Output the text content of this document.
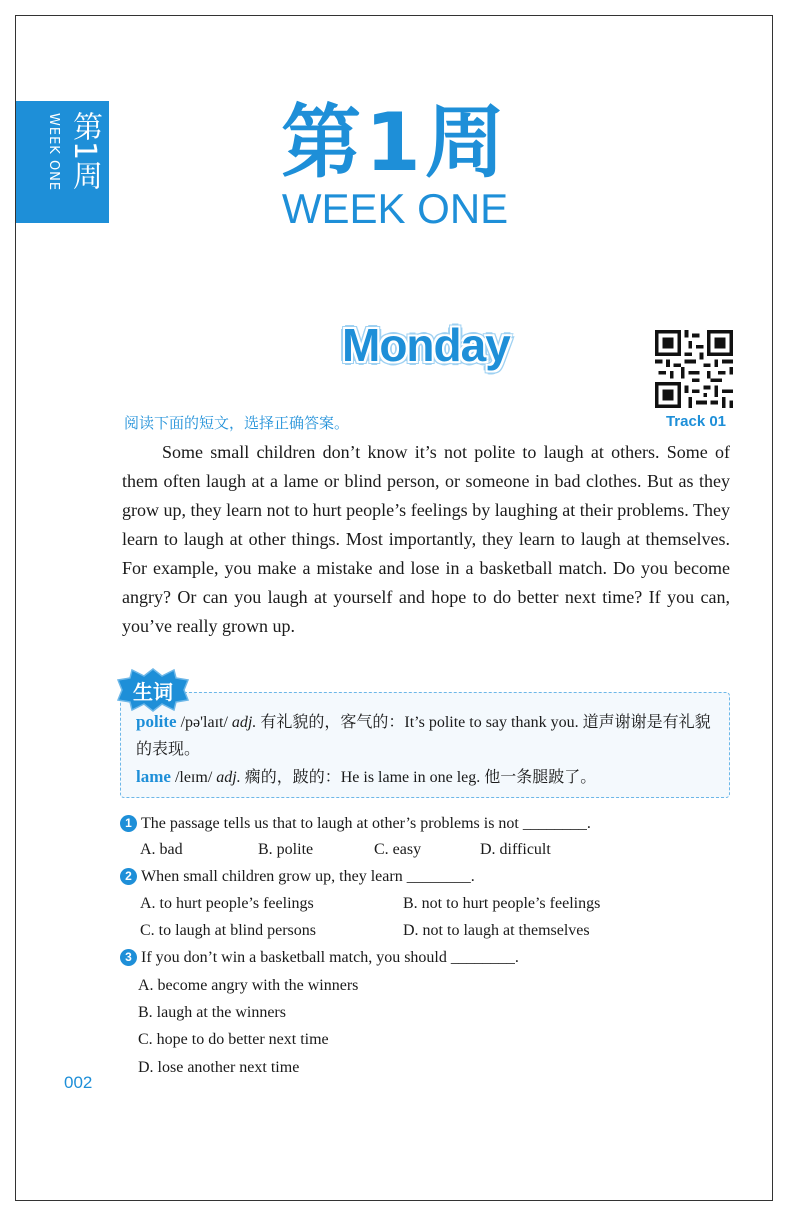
第1周
WEEK ONE	第1周
WEEK ONE
Monday
Track 01
阅读下面的短文，选择正确答案。

Some small children don’t know it’s not polite to laugh at others. Some of them often laugh at a lame or blind person, or someone in bad clothes. But as they grow up, they learn not to hurt people’s feelings by laughing at their problems. They learn to laugh at other things. Most importantly, they learn to laugh at themselves. For example, you make a mistake and lose in a basketball match. Do you become angry? Or can you laugh at yourself and hope to do better next time? If you can, you’ve really grown up.

生词
polite /pə'laɪt/ adj. 有礼貌的，客气的：It’s polite to say thank you. 道声谢谢是有礼貌的表现。
lame /leɪm/ adj. 瘸的，跛的：He is lame in one leg. 他一条腿跛了。
1 The passage tells us that to laugh at other’s problems is not ________.
A. bad	B. polite	C. easy	D. difficult
2 When small children grow up, they learn ________.
A. to hurt people’s feelings	B. not to hurt people’s feelings
C. to laugh at blind persons	D. not to laugh at themselves
3 If you don’t win a basketball match, you should ________.
A. become angry with the winners
B. laugh at the winners
C. hope to do better next time
D. lose another next time
002
